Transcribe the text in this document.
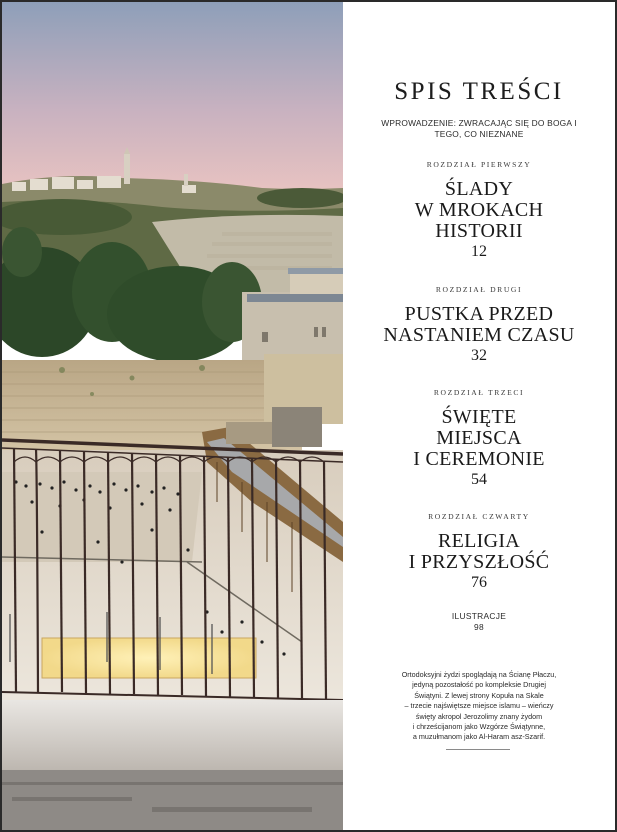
SPIS TREŚCI
WPROWADZENIE: ZWRACAJĄC SIĘ DO BOGA I TEGO, CO NIEZNANE
ROZDZIAŁ PIERWSZY
ŚLADY
W MROKACH
HISTORII
12
ROZDZIAŁ DRUGI
PUSTKA PRZED
NASTANIEM CZASU
32
ROZDZIAŁ TRZECI
ŚWIĘTE
MIEJSCA
I CEREMONIE
54
ROZDZIAŁ CZWARTY
RELIGIA
I PRZYSZŁOŚĆ
76
ILUSTRACJE
98
Ortodoksyjni żydzi spoglądają na Ścianę Płaczu,
jedyną pozostałość po kompleksie Drugiej
Świątyni. Z lewej strony Kopuła na Skale
– trzecie najświętsze miejsce islamu – wieńczy
święty akropol Jerozolimy znany żydom
i chrześcijanom jako Wzgórze Świątynne,
a muzułmanom jako Al-Haram asz-Szarif.
